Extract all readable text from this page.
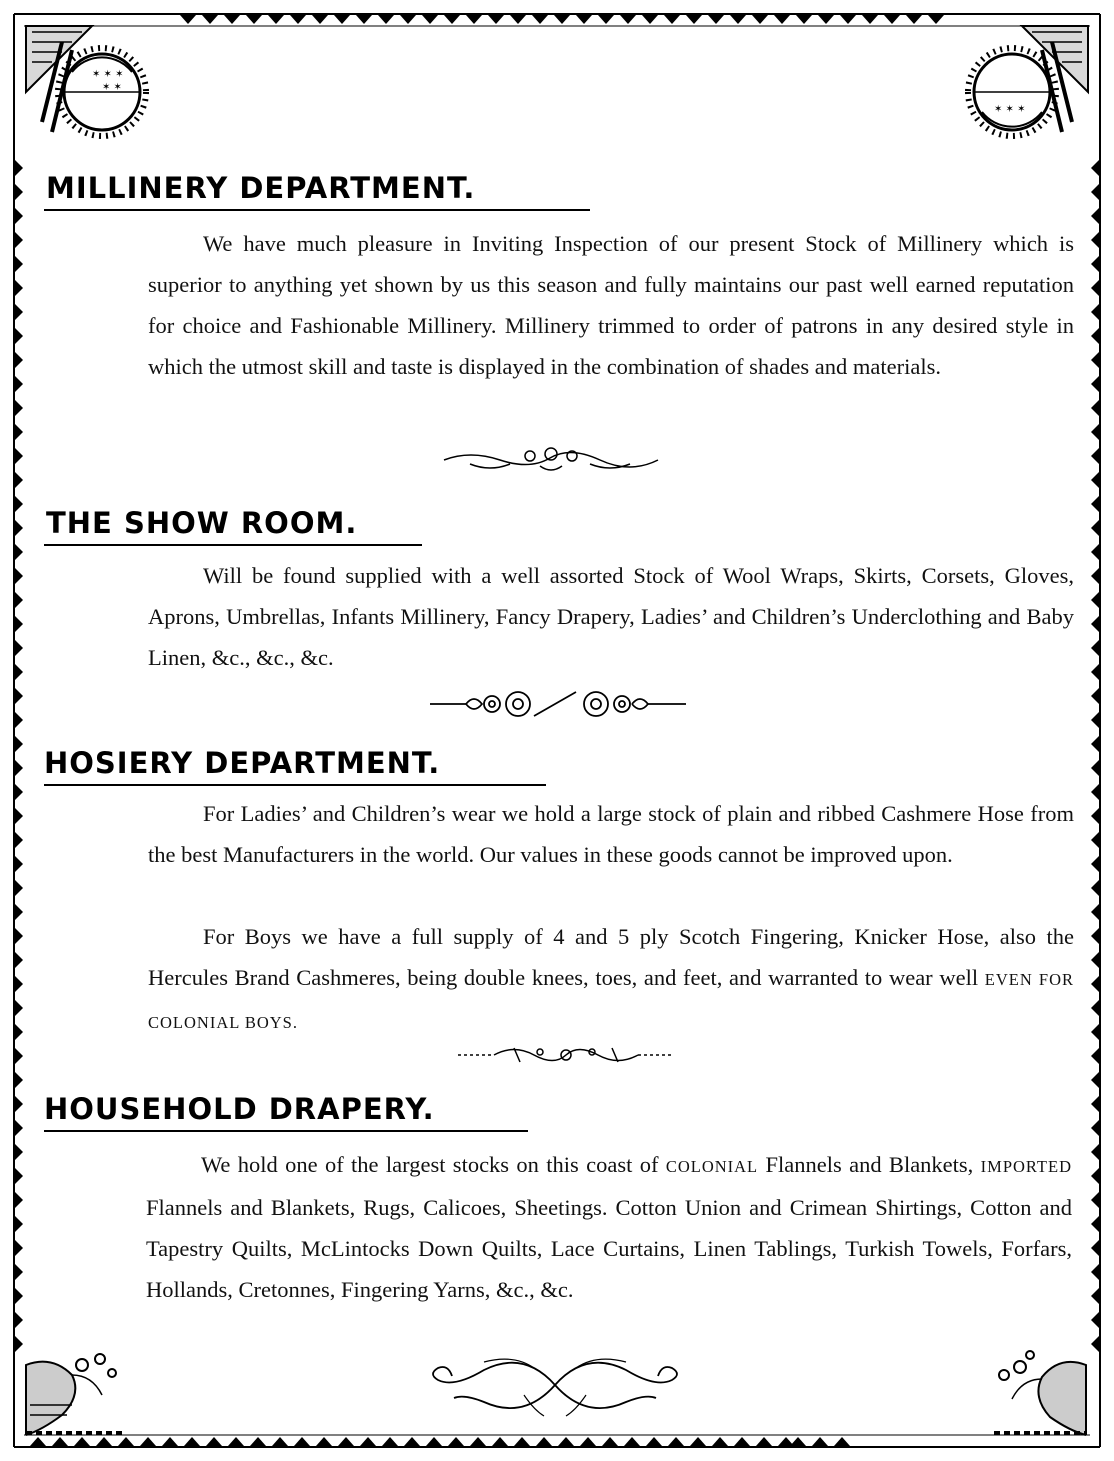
✶ ✶ ✶
✶ ✶
✶ ✶ ✶
MILLINERY DEPARTMENT.

We have much pleasure in Inviting Inspection of our present Stock of Millinery which is superior to anything yet shown by us this season and fully maintains our past well earned reputation for choice and Fashionable Millinery. Millinery trimmed to order of patrons in any desired style in which the utmost skill and taste is displayed in the combination of shades and materials.

THE SHOW ROOM.

Will be found supplied with a well assorted Stock of Wool Wraps, Skirts, Corsets, Gloves, Aprons, Umbrellas, Infants Millinery, Fancy Drapery, Ladies’ and Children’s Underclothing and Baby Linen, &c., &c., &c.

HOSIERY DEPARTMENT.

For Ladies’ and Children’s wear we hold a large stock of plain and ribbed Cashmere Hose from the best Manufacturers in the world. Our values in these goods cannot be improved upon.

For Boys we have a full supply of 4 and 5 ply Scotch Fingering, Knicker Hose, also the Hercules Brand Cashmeres, being double knees, toes, and feet, and warranted to wear well EVEN FOR COLONIAL BOYS.

HOUSEHOLD DRAPERY.

We hold one of the largest stocks on this coast of COLONIAL Flannels and Blankets, IMPORTED Flannels and Blankets, Rugs, Calicoes, Sheetings. Cotton Union and Crimean Shirtings, Cotton and Tapestry Quilts, McLintocks Down Quilts, Lace Curtains, Linen Tablings, Turkish Towels, Forfars, Hollands, Cretonnes, Fingering Yarns, &c., &c.
